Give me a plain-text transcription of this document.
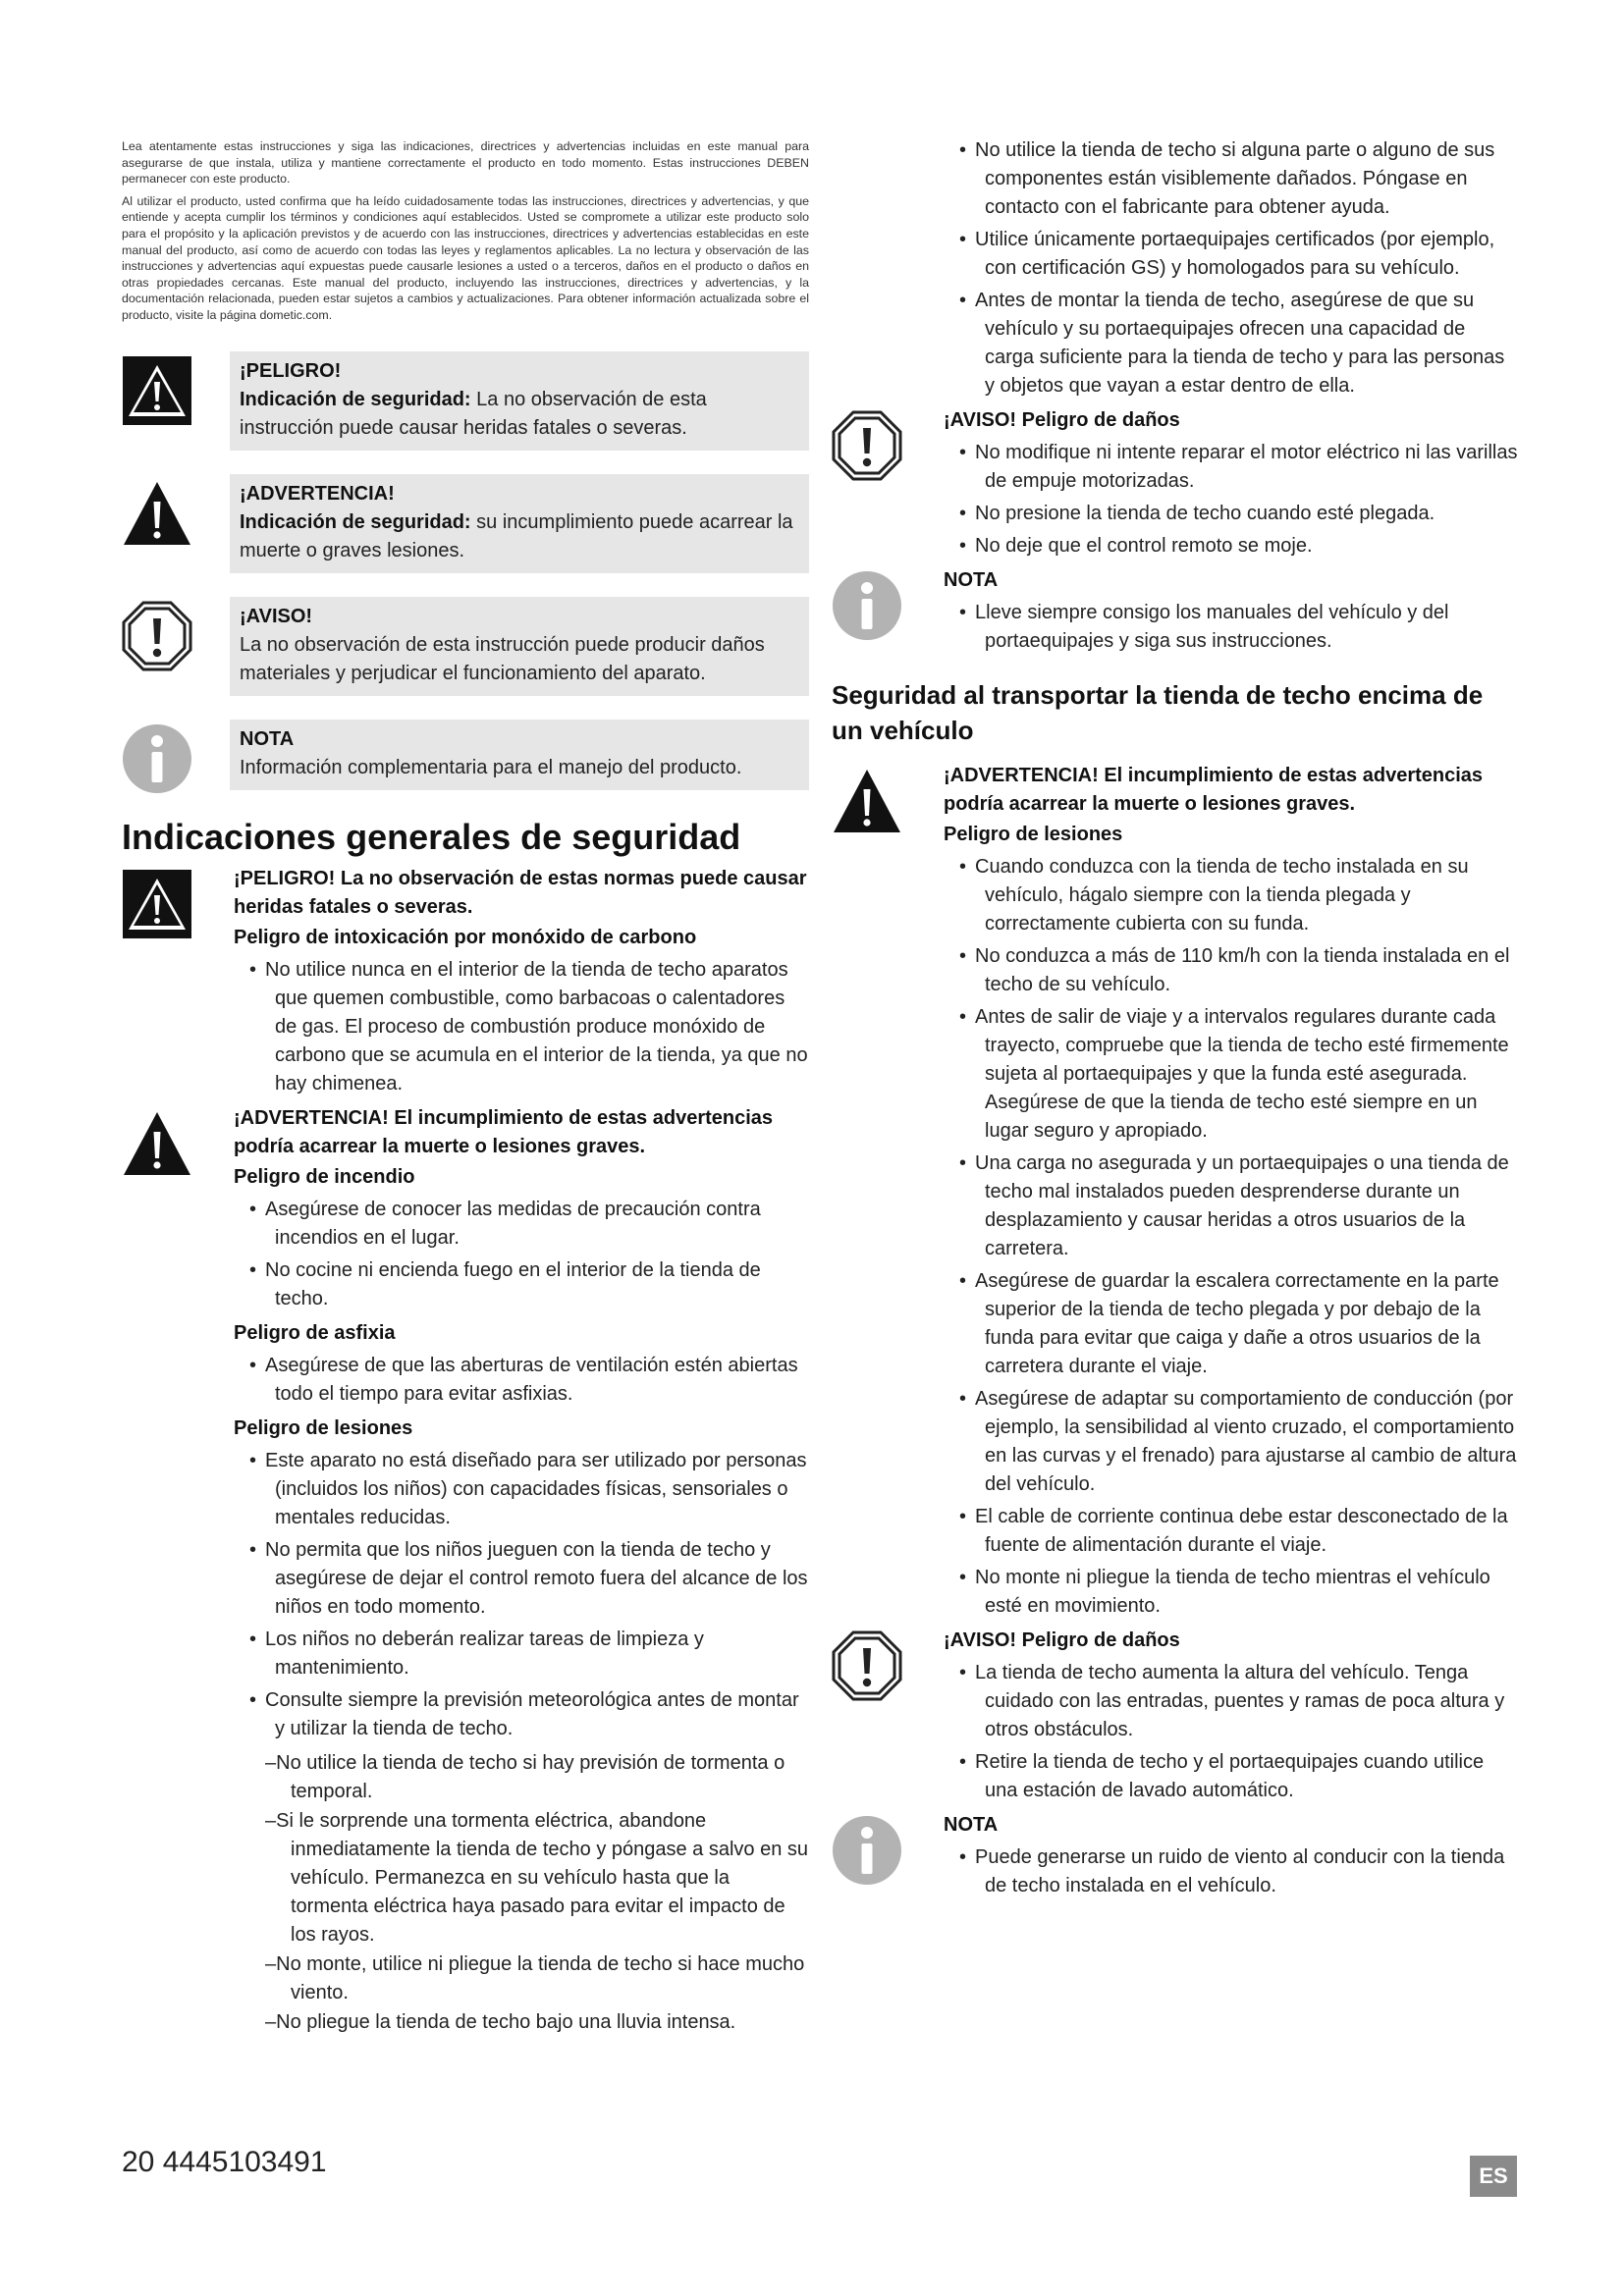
Lea atentamente estas instrucciones y siga las indicaciones, directrices y advertencias incluidas en este manual para asegurarse de que instala, utiliza y mantiene correctamente el producto en todo momento. Estas instrucciones DEBEN permanecer con este producto.

Al utilizar el producto, usted confirma que ha leído cuidadosamente todas las instrucciones, directrices y advertencias, y que entiende y acepta cumplir los términos y condiciones aquí establecidos. Usted se compromete a utilizar este producto solo para el propósito y la aplicación previstos y de acuerdo con las instrucciones, directrices y advertencias establecidas en este manual del producto, así como de acuerdo con todas las leyes y reglamentos aplicables. La no lectura y observación de las instrucciones y advertencias aquí expuestas puede causarle lesiones a usted o a terceros, daños en el producto o daños en otras propiedades cercanas. Este manual del producto, incluyendo las instrucciones, directrices y advertencias, y la documentación relacionada, pueden estar sujetos a cambios y actualizaciones. Para obtener información actualizada sobre el producto, visite la página dometic.com.

¡PELIGRO!
Indicación de seguridad: La no observación de esta instrucción puede causar heridas fatales o severas.
¡ADVERTENCIA!
Indicación de seguridad: su incumplimiento puede acarrear la muerte o graves lesiones.
¡AVISO!
La no observación de esta instrucción puede producir daños materiales y perjudicar el funcionamiento del aparato.
NOTA
Información complementaria para el manejo del producto.
Indicaciones generales de seguridad
¡PELIGRO! La no observación de estas normas puede causar heridas fatales o severas.
Peligro de intoxicación por monóxido de carbono
• No utilice nunca en el interior de la tienda de techo aparatos que quemen combustible, como barbacoas o calentadores de gas. El proceso de combustión produce monóxido de carbono que se acumula en el interior de la tienda, ya que no hay chimenea.
¡ADVERTENCIA! El incumplimiento de estas advertencias podría acarrear la muerte o lesiones graves.
Peligro de incendio
• Asegúrese de conocer las medidas de precaución contra incendios en el lugar.
• No cocine ni encienda fuego en el interior de la tienda de techo.
Peligro de asfixia
• Asegúrese de que las aberturas de ventilación estén abiertas todo el tiempo para evitar asfixias.
Peligro de lesiones
• Este aparato no está diseñado para ser utilizado por personas (incluidos los niños) con capacidades físicas, sensoriales o mentales reducidas.
• No permita que los niños jueguen con la tienda de techo y asegúrese de dejar el control remoto fuera del alcance de los niños en todo momento.
• Los niños no deberán realizar tareas de limpieza y mantenimiento.
• Consulte siempre la previsión meteorológica antes de montar y utilizar la tienda de techo.
–No utilice la tienda de techo si hay previsión de tormenta o temporal.
–Si le sorprende una tormenta eléctrica, abandone inmediatamente la tienda de techo y póngase a salvo en su vehículo. Permanezca en su vehículo hasta que la tormenta eléctrica haya pasado para evitar el impacto de los rayos.
–No monte, utilice ni pliegue la tienda de techo si hace mucho viento.
–No pliegue la tienda de techo bajo una lluvia intensa.
• No utilice la tienda de techo si alguna parte o alguno de sus componentes están visiblemente dañados. Póngase en contacto con el fabricante para obtener ayuda.
• Utilice únicamente portaequipajes certificados (por ejemplo, con certificación GS) y homologados para su vehículo.
• Antes de montar la tienda de techo, asegúrese de que su vehículo y su portaequipajes ofrecen una capacidad de carga suficiente para la tienda de techo y para las personas y objetos que vayan a estar dentro de ella.
¡AVISO! Peligro de daños
• No modifique ni intente reparar el motor eléctrico ni las varillas de empuje motorizadas.
• No presione la tienda de techo cuando esté plegada.
• No deje que el control remoto se moje.
NOTA
• Lleve siempre consigo los manuales del vehículo y del portaequipajes y siga sus instrucciones.
Seguridad al transportar la tienda de techo encima de un vehículo
¡ADVERTENCIA! El incumplimiento de estas advertencias podría acarrear la muerte o lesiones graves.
Peligro de lesiones
• Cuando conduzca con la tienda de techo instalada en su vehículo, hágalo siempre con la tienda plegada y correctamente cubierta con su funda.
• No conduzca a más de 110 km/h con la tienda instalada en el techo de su vehículo.
• Antes de salir de viaje y a intervalos regulares durante cada trayecto, compruebe que la tienda de techo esté firmemente sujeta al portaequipajes y que la funda esté asegurada. Asegúrese de que la tienda de techo esté siempre en un lugar seguro y apropiado.
• Una carga no asegurada y un portaequipajes o una tienda de techo mal instalados pueden desprenderse durante un desplazamiento y causar heridas a otros usuarios de la carretera.
• Asegúrese de guardar la escalera correctamente en la parte superior de la tienda de techo plegada y por debajo de la funda para evitar que caiga y dañe a otros usuarios de la carretera durante el viaje.
• Asegúrese de adaptar su comportamiento de conducción (por ejemplo, la sensibilidad al viento cruzado, el comportamiento en las curvas y el frenado) para ajustarse al cambio de altura del vehículo.
• El cable de corriente continua debe estar desconectado de la fuente de alimentación durante el viaje.
• No monte ni pliegue la tienda de techo mientras el vehículo esté en movimiento.
¡AVISO! Peligro de daños
• La tienda de techo aumenta la altura del vehículo. Tenga cuidado con las entradas, puentes y ramas de poca altura y otros obstáculos.
• Retire la tienda de techo y el portaequipajes cuando utilice una estación de lavado automático.
NOTA
• Puede generarse un ruido de viento al conducir con la tienda de techo instalada en el vehículo.
20 4445103491	ES
